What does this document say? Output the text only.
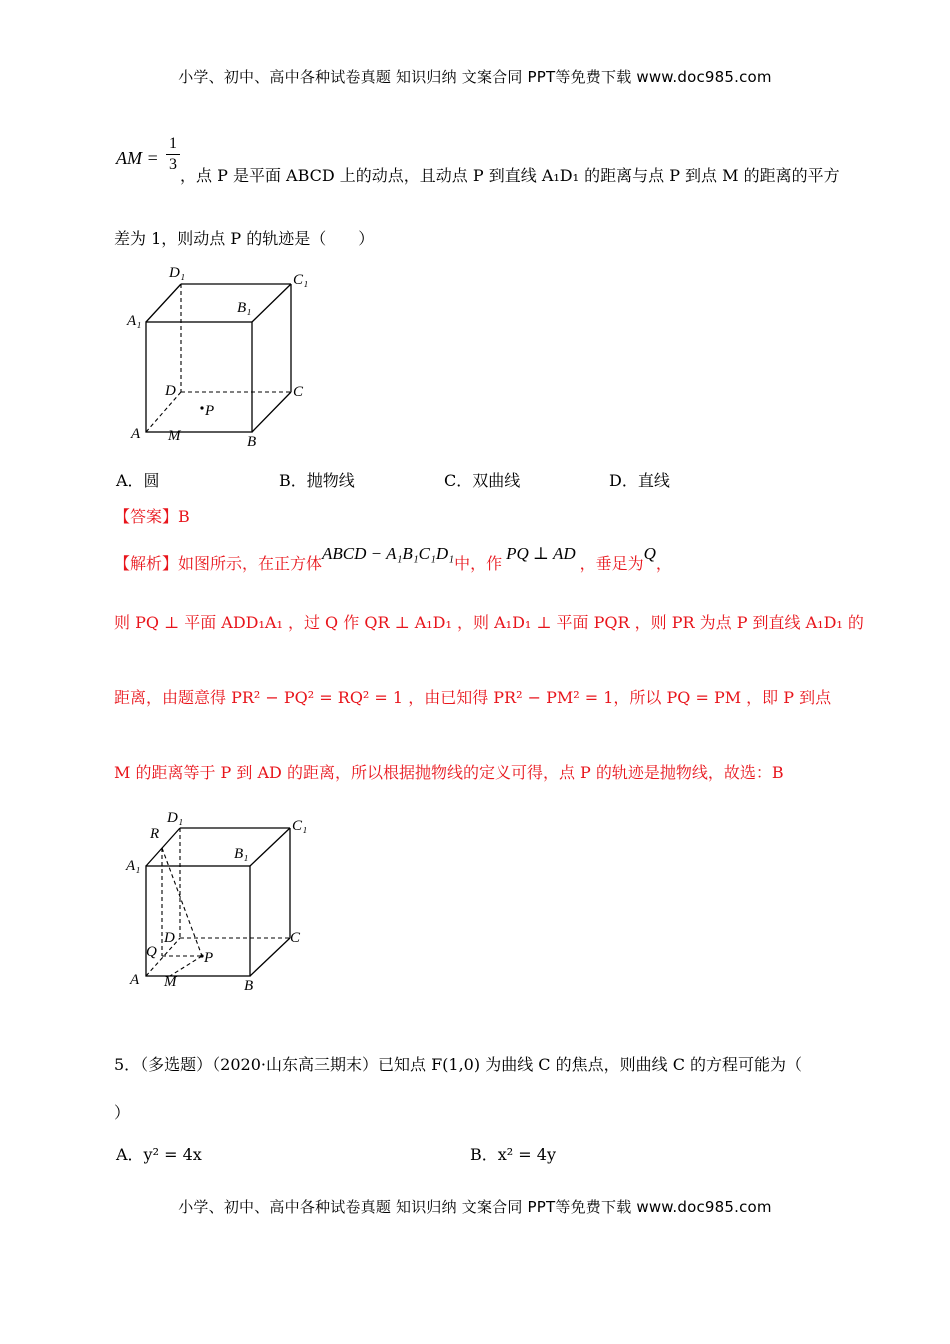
小学、初中、高中各种试卷真题 知识归纳 文案合同 PPT等免费下载 www.doc985.com
AM =
1
3
，点 P 是平面 ABCD 上的动点，且动点 P 到直线 A₁D₁ 的距离与点 P 到点 M 的距离的平方
差为 1，则动点 P 的轨迹是（　　）
D₁	C₁
A₁
B₁
D	C
A M	B
P
A．圆	B．抛物线	C．双曲线	D．直线
【答案】B
【解析】如图所示，在正方体ABCD − A₁B₁C₁D₁中，作PQ ⊥ AD，垂足为Q，
则 PQ ⊥ 平面 ADD₁A₁ ，过 Q 作 QR ⊥ A₁D₁ ，则 A₁D₁ ⊥ 平面 PQR ，则 PR 为点 P 到直线 A₁D₁ 的
距离，由题意得 PR² − PQ² = RQ² = 1 ，由已知得 PR² − PM² = 1，所以 PQ = PM ，即 P 到点
M 的距离等于 P 到 AD 的距离，所以根据抛物线的定义可得，点 P 的轨迹是抛物线，故选：B
R
D₁	C₁
A₁
B₁
D	C
Q	P
A M	B
5．（多选题）（2020·山东高三期末）已知点 F(1,0) 为曲线 C 的焦点，则曲线 C 的方程可能为（
）
A．y² = 4x	B．x² = 4y
小学、初中、高中各种试卷真题 知识归纳 文案合同 PPT等免费下载 www.doc985.com
